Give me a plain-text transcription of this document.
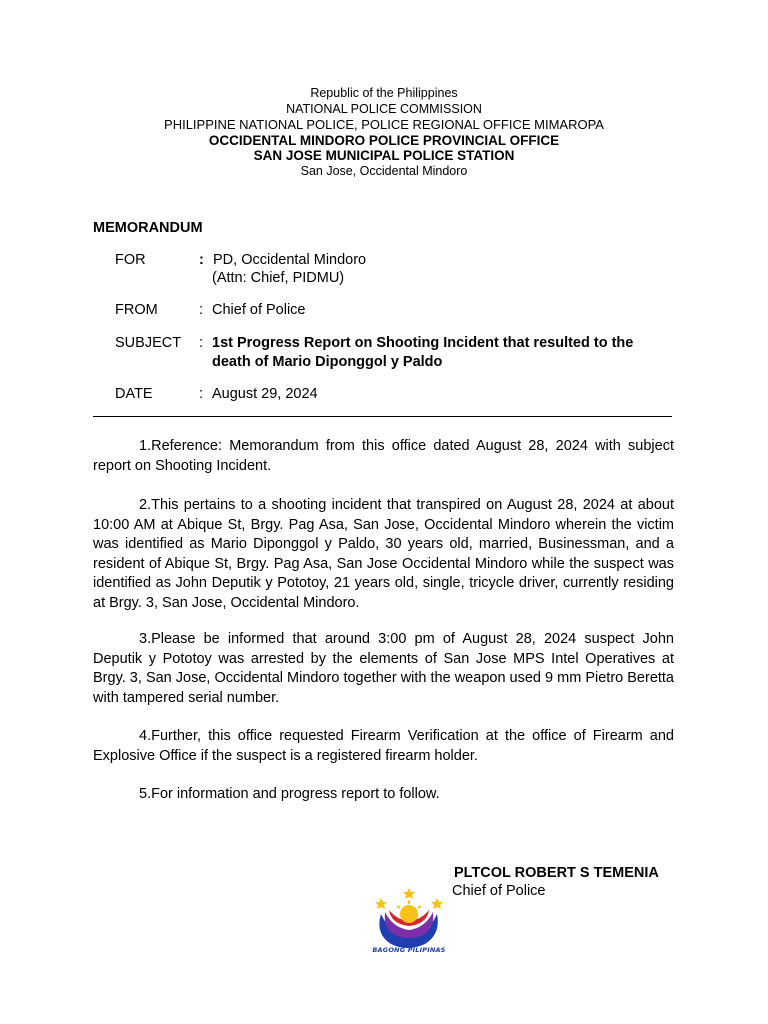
Republic of the Philippines
NATIONAL POLICE COMMISSION
PHILIPPINE NATIONAL POLICE, POLICE REGIONAL OFFICE MIMAROPA
OCCIDENTAL MINDORO POLICE PROVINCIAL OFFICE
SAN JOSE MUNICIPAL POLICE STATION
San Jose, Occidental Mindoro
MEMORANDUM
FOR	: PD, Occidental Mindoro
(Attn: Chief, PIDMU)
FROM	: Chief of Police
SUBJECT : 1st Progress Report on Shooting Incident that resulted to the
death of Mario Diponggol y Paldo
DATE	: August 29, 2024

1.Reference: Memorandum from this office dated August 28, 2024 with subject report on Shooting Incident.

2.This pertains to a shooting incident that transpired on August 28, 2024 at about 10:00 AM at Abique St, Brgy. Pag Asa, San Jose, Occidental Mindoro wherein the victim was identified as Mario Diponggol y Paldo, 30 years old, married, Businessman, and a resident of Abique St, Brgy. Pag Asa, San Jose Occidental Mindoro while the suspect was identified as John Deputik y Pototoy, 21 years old, single, tricycle driver, currently residing at Brgy. 3, San Jose, Occidental Mindoro.

3.Please be informed that around 3:00 pm of August 28, 2024 suspect John Deputik y Pototoy was arrested by the elements of San Jose MPS Intel Operatives at Brgy. 3, San Jose, Occidental Mindoro together with the weapon used 9 mm Pietro Beretta with tampered serial number.

4.Further, this office requested Firearm Verification at the office of Firearm and Explosive Office if the suspect is a registered firearm holder.

5.For information and progress report to follow.

PLTCOL ROBERT S TEMENIA
Chief of Police
BAGONG PILIPINAS
